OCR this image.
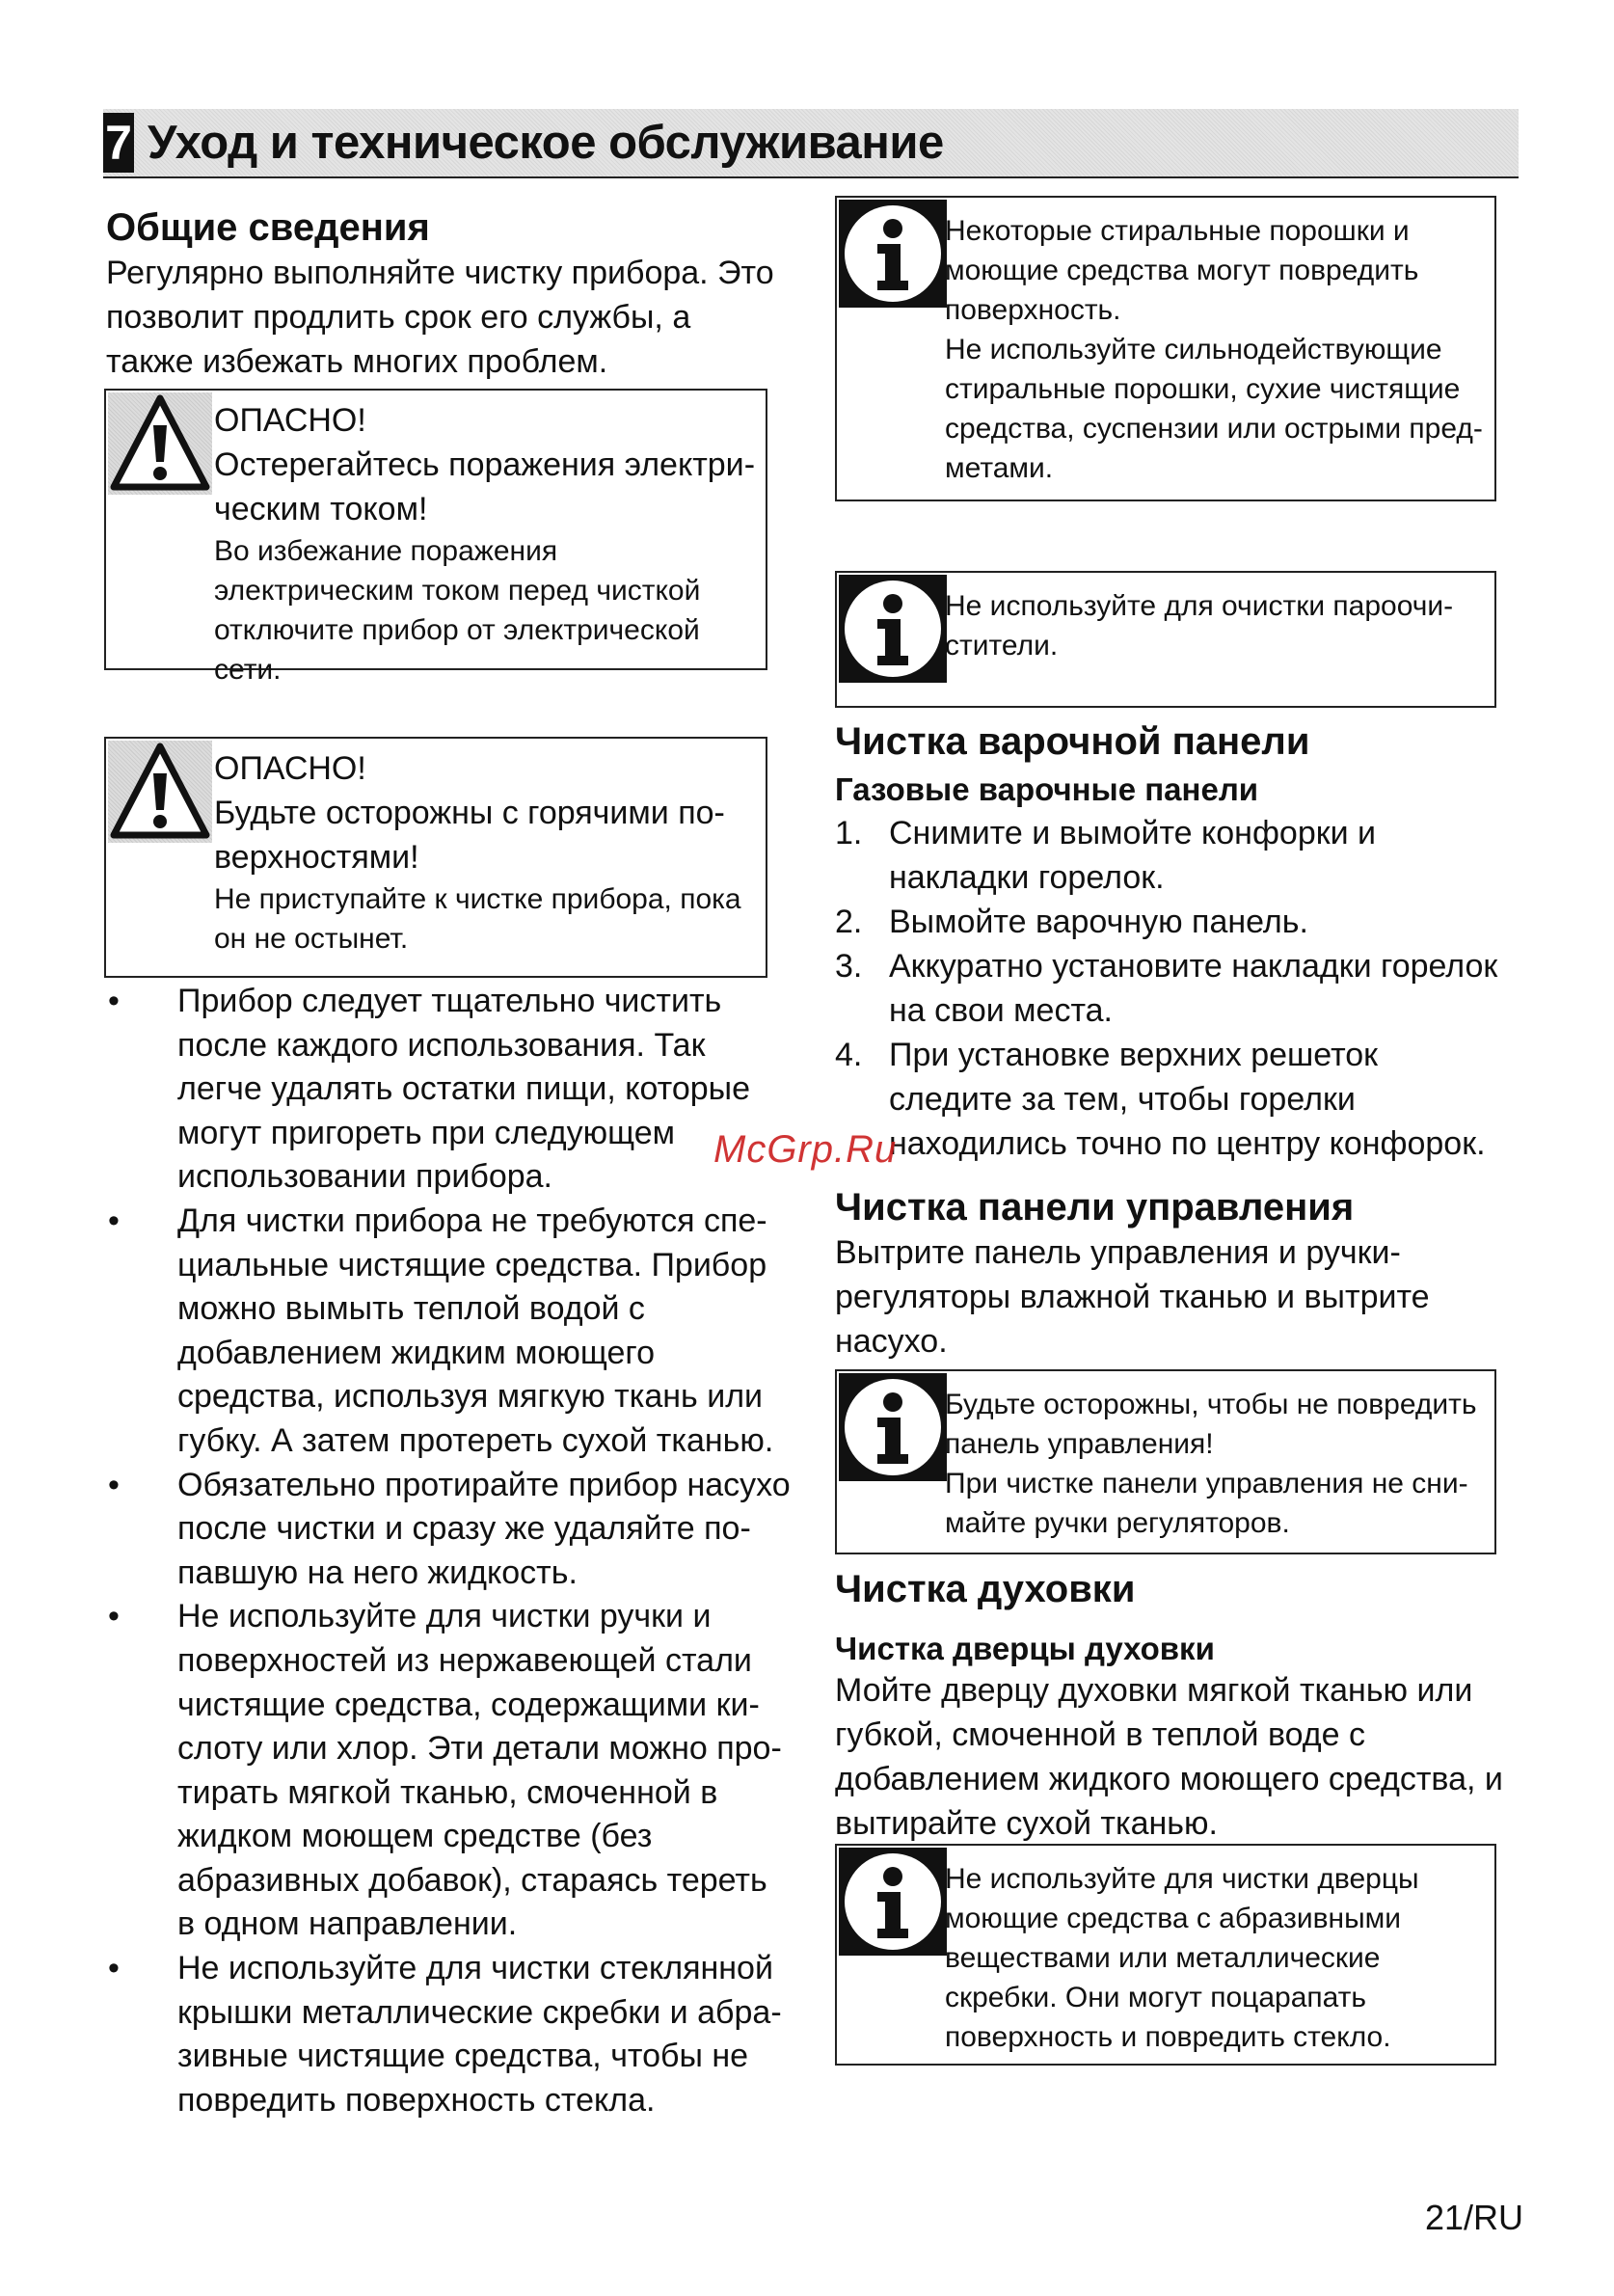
7 Уход и техническое обслуживание
Общие сведения

Регулярно выполняйте чистку прибора. Это позволит продлить срок его службы, а также избежать многих проблем.

ОПАСНО!
Остерегайтесь поражения электрическим током!
Во избежание поражения электрическим током перед чисткой отключите прибор от электрической сети.
ОПАСНО!
Будьте осторожны с горячими поверхностями!
Не приступайте к чистке прибора, пока он не остынет.
• Прибор следует тщательно чистить после каждого использования. Так легче удалять остатки пищи, которые могут пригореть при следующем использовании прибора.
• Для чистки прибора не требуются специальные чистящие средства. Прибор можно вымыть теплой водой с добавлением жидким моющего средства, используя мягкую ткань или губку. А затем протереть сухой тканью.
• Обязательно протирайте прибор насухо после чистки и сразу же удаляйте попавшую на него жидкость.
• Не используйте для чистки ручки и поверхностей из нержавеющей стали чистящие средства, содержащими кислоту или хлор. Эти детали можно протирать мягкой тканью, смоченной в жидком моющем средстве (без абразивных добавок), стараясь тереть в одном направлении.
• Не используйте для чистки стеклянной крышки металлические скребки и абразивные чистящие средства, чтобы не повредить поверхность стекла.
Некоторые стиральные порошки и моющие средства могут повредить поверхность.
Не используйте сильнодействующие стиральные порошки, сухие чистящие средства, суспензии или острыми предметами.
Не используйте для очистки пароочистители.
Чистка варочной панели
Газовые варочные панели
1. Снимите и вымойте конфорки и накладки горелок.
2. Вымойте варочную панель.
3. Аккуратно установите накладки горелок на свои места.
4. При установке верхних решеток следите за тем, чтобы горелки находились точно по центру конфорок.
Чистка панели управления

Вытрите панель управления и ручки-регуляторы влажной тканью и вытрите насухо.

Будьте осторожны, чтобы не повредить панель управления!
При чистке панели управления не снимайте ручки регуляторов.
Чистка духовки
Чистка дверцы духовки

Мойте дверцу духовки мягкой тканью или губкой, смоченной в теплой воде с добавлением жидкого моющего средства, и вытирайте сухой тканью.

Не используйте для чистки дверцы моющие средства с абразивными веществами или металлические скребки. Они могут поцарапать поверхность и повредить стекло.
McGrp.Ru
21/RU
